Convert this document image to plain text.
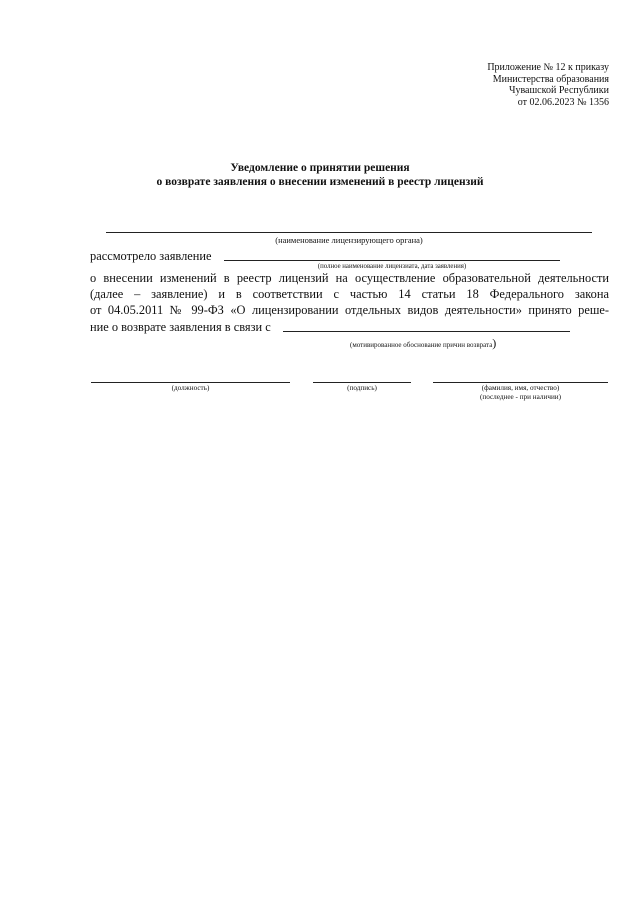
Приложение № 12 к приказу
Министерства образования
Чувашской Республики
от 02.06.2023 № 1356
Уведомление о принятии решения
о возврате заявления о внесении изменений в реестр лицензий
(наименование лицензирующего органа)
рассмотрело заявление
(полное наименование лицензиата, дата заявления)
о внесении изменений в реестр лицензий на осуществление образовательной деятельности
(далее – заявление) и в соответствии с частью 14 статьи 18 Федерального закона
от 04.05.2011 № 99-ФЗ «О лицензировании отдельных видов деятельности» принято реше-
ние о возврате заявления в связи с
(мотивированное обоснование причин возврата)
(должность)	(подпись)	(фамилия, имя, отчество)
(последнее - при наличии)
